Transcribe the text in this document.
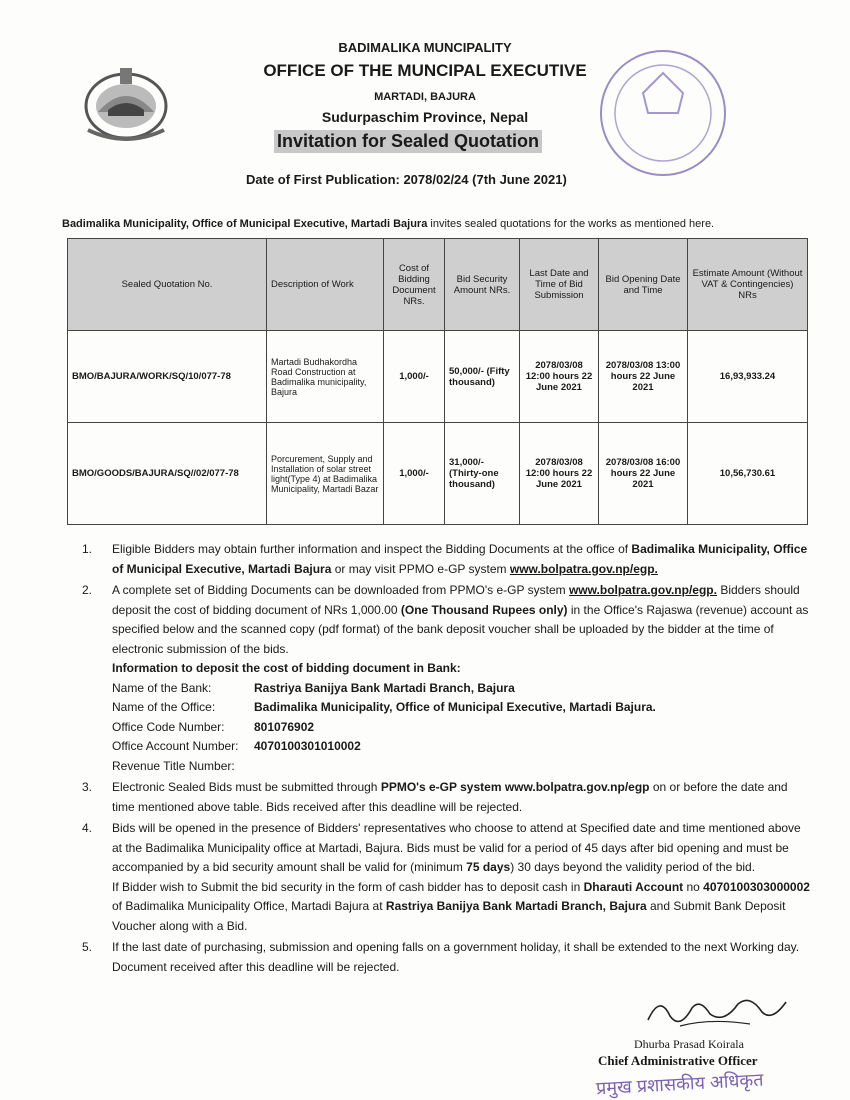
BADIMALIKA MUNCIPALITY
OFFICE OF THE MUNCIPAL EXECUTIVE
MARTADI, BAJURA
Sudurpaschim Province, Nepal
Invitation for Sealed Quotation
Date of First Publication: 2078/02/24 (7th June 2021)
Badimalika Municipality, Office of Municipal Executive, Martadi Bajura invites sealed quotations for the works as mentioned here.
Sealed Quotation No.	Description of Work	Cost of Bidding Document NRs.	Bid Security Amount NRs.	Last Date and Time of Bid Submission	Bid Opening Date and Time	Estimate Amount (Without VAT & Contingencies) NRs
BMO/BAJURA/WORK/SQ/10/077-78	Martadi Budhakordha Road Construction at Badimalika municipality, Bajura	1,000/-	50,000/- (Fifty thousand)	2078/03/08 12:00 hours 22 June 2021	2078/03/08 13:00 hours 22 June 2021	16,93,933.24
BMO/GOODS/BAJURA/SQ//02/077-78	Porcurement, Supply and Installation of solar street light(Type 4) at Badimalika Municipality, Martadi Bazar	1,000/-	31,000/- (Thirty-one thousand)	2078/03/08 12:00 hours 22 June 2021	2078/03/08 16:00 hours 22 June 2021	10,56,730.61
1. Eligible Bidders may obtain further information and inspect the Bidding Documents at the office of Badimalika Municipality, Office of Municipal Executive, Martadi Bajura or may visit PPMO e-GP system www.bolpatra.gov.np/egp.
2. A complete set of Bidding Documents can be downloaded from PPMO's e-GP system www.bolpatra.gov.np/egp. Bidders should deposit the cost of bidding document of NRs 1,000.00 (One Thousand Rupees only) in the Office's Rajaswa (revenue) account as specified below and the scanned copy (pdf format) of the bank deposit voucher shall be uploaded by the bidder at the time of electronic submission of the bids.
Information to deposit the cost of bidding document in Bank:
Name of the Bank:	Rastriya Banijya Bank Martadi Branch, Bajura
Name of the Office:	Badimalika Municipality, Office of Municipal Executive, Martadi Bajura.
Office Code Number:	801076902
Office Account Number:	4070100301010002
Revenue Title Number:
3. Electronic Sealed Bids must be submitted through PPMO's e-GP system www.bolpatra.gov.np/egp on or before the date and time mentioned above table. Bids received after this deadline will be rejected.
4. Bids will be opened in the presence of Bidders' representatives who choose to attend at Specified date and time mentioned above at the Badimalika Municipality office at Martadi, Bajura. Bids must be valid for a period of 45 days after bid opening and must be accompanied by a bid security amount shall be valid for (minimum 75 days) 30 days beyond the validity period of the bid.
If Bidder wish to Submit the bid security in the form of cash bidder has to deposit cash in Dharauti Account no 4070100303000002 of Badimalika Municipality Office, Martadi Bajura at Rastriya Banijya Bank Martadi Branch, Bajura and Submit Bank Deposit Voucher along with a Bid.
5. If the last date of purchasing, submission and opening falls on a government holiday, it shall be extended to the next Working day. Document received after this deadline will be rejected.
Dhurba Prasad Koirala
Chief Administrative Officer
प्रमुख प्रशासकीय अधिकृत
